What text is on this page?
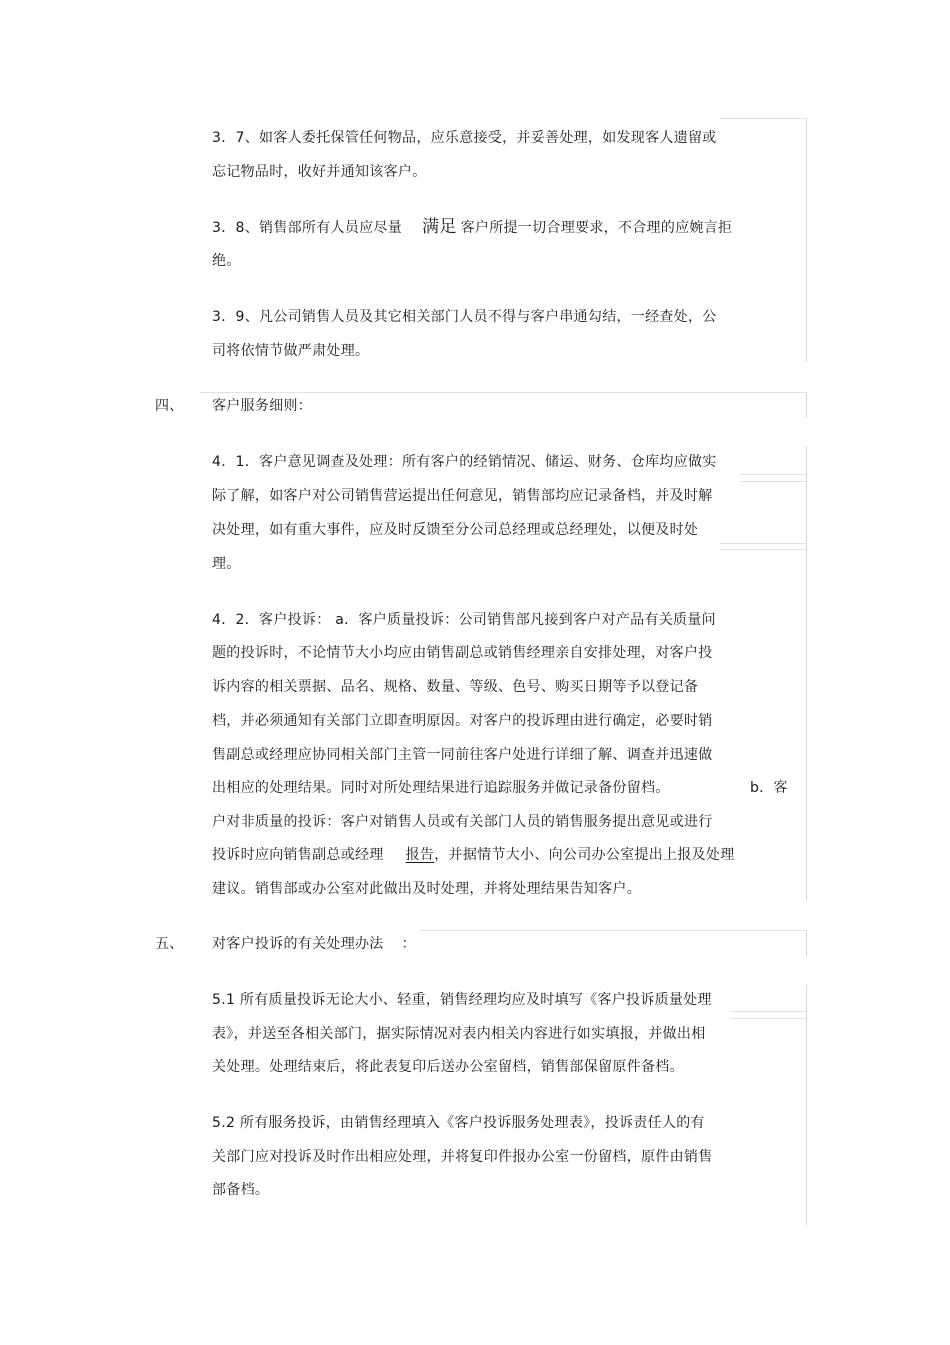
3．7、如客人委托保管任何物品，应乐意接受，并妥善处理，如发现客人遗留或
忘记物品时，收好并通知该客户。
3．8、销售部所有人员应尽量 满足 客户所提一切合理要求，不合理的应婉言拒
绝。
3．9、凡公司销售人员及其它相关部门人员不得与客户串通勾结，一经查处，公
司将依情节做严肃处理。
四、 客户服务细则：
4．1．客户意见调查及处理：所有客户的经销情况、储运、财务、仓库均应做实
际了解，如客户对公司销售营运提出任何意见，销售部均应记录备档，并及时解
决处理，如有重大事件，应及时反馈至分公司总经理或总经理处，以便及时处
理。
4．2．客户投诉： a．客户质量投诉：公司销售部凡接到客户对产品有关质量问
题的投诉时，不论情节大小均应由销售副总或销售经理亲自安排处理，对客户投
诉内容的相关票据、品名、规格、数量、等级、色号、购买日期等予以登记备
档，并必须通知有关部门立即查明原因。对客户的投诉理由进行确定，必要时销
售副总或经理应协同相关部门主管一同前往客户处进行详细了解、调查并迅速做
出相应的处理结果。同时对所处理结果进行追踪服务并做记录备份留档。	b．客
户对非质量的投诉：客户对销售人员或有关部门人员的销售服务提出意见或进行
投诉时应向销售副总或经理 报告，并据情节大小、向公司办公室提出上报及处理
建议。销售部或办公室对此做出及时处理，并将处理结果告知客户。
五、 对客户投诉的有关处理办法 ：
5.1 所有质量投诉无论大小、轻重，销售经理均应及时填写《客户投诉质量处理
表》，并送至各相关部门，据实际情况对表内相关内容进行如实填报，并做出相
关处理。处理结束后，将此表复印后送办公室留档，销售部保留原件备档。
5.2 所有服务投诉，由销售经理填入《客户投诉服务处理表》，投诉责任人的有
关部门应对投诉及时作出相应处理，并将复印件报办公室一份留档，原件由销售
部备档。
